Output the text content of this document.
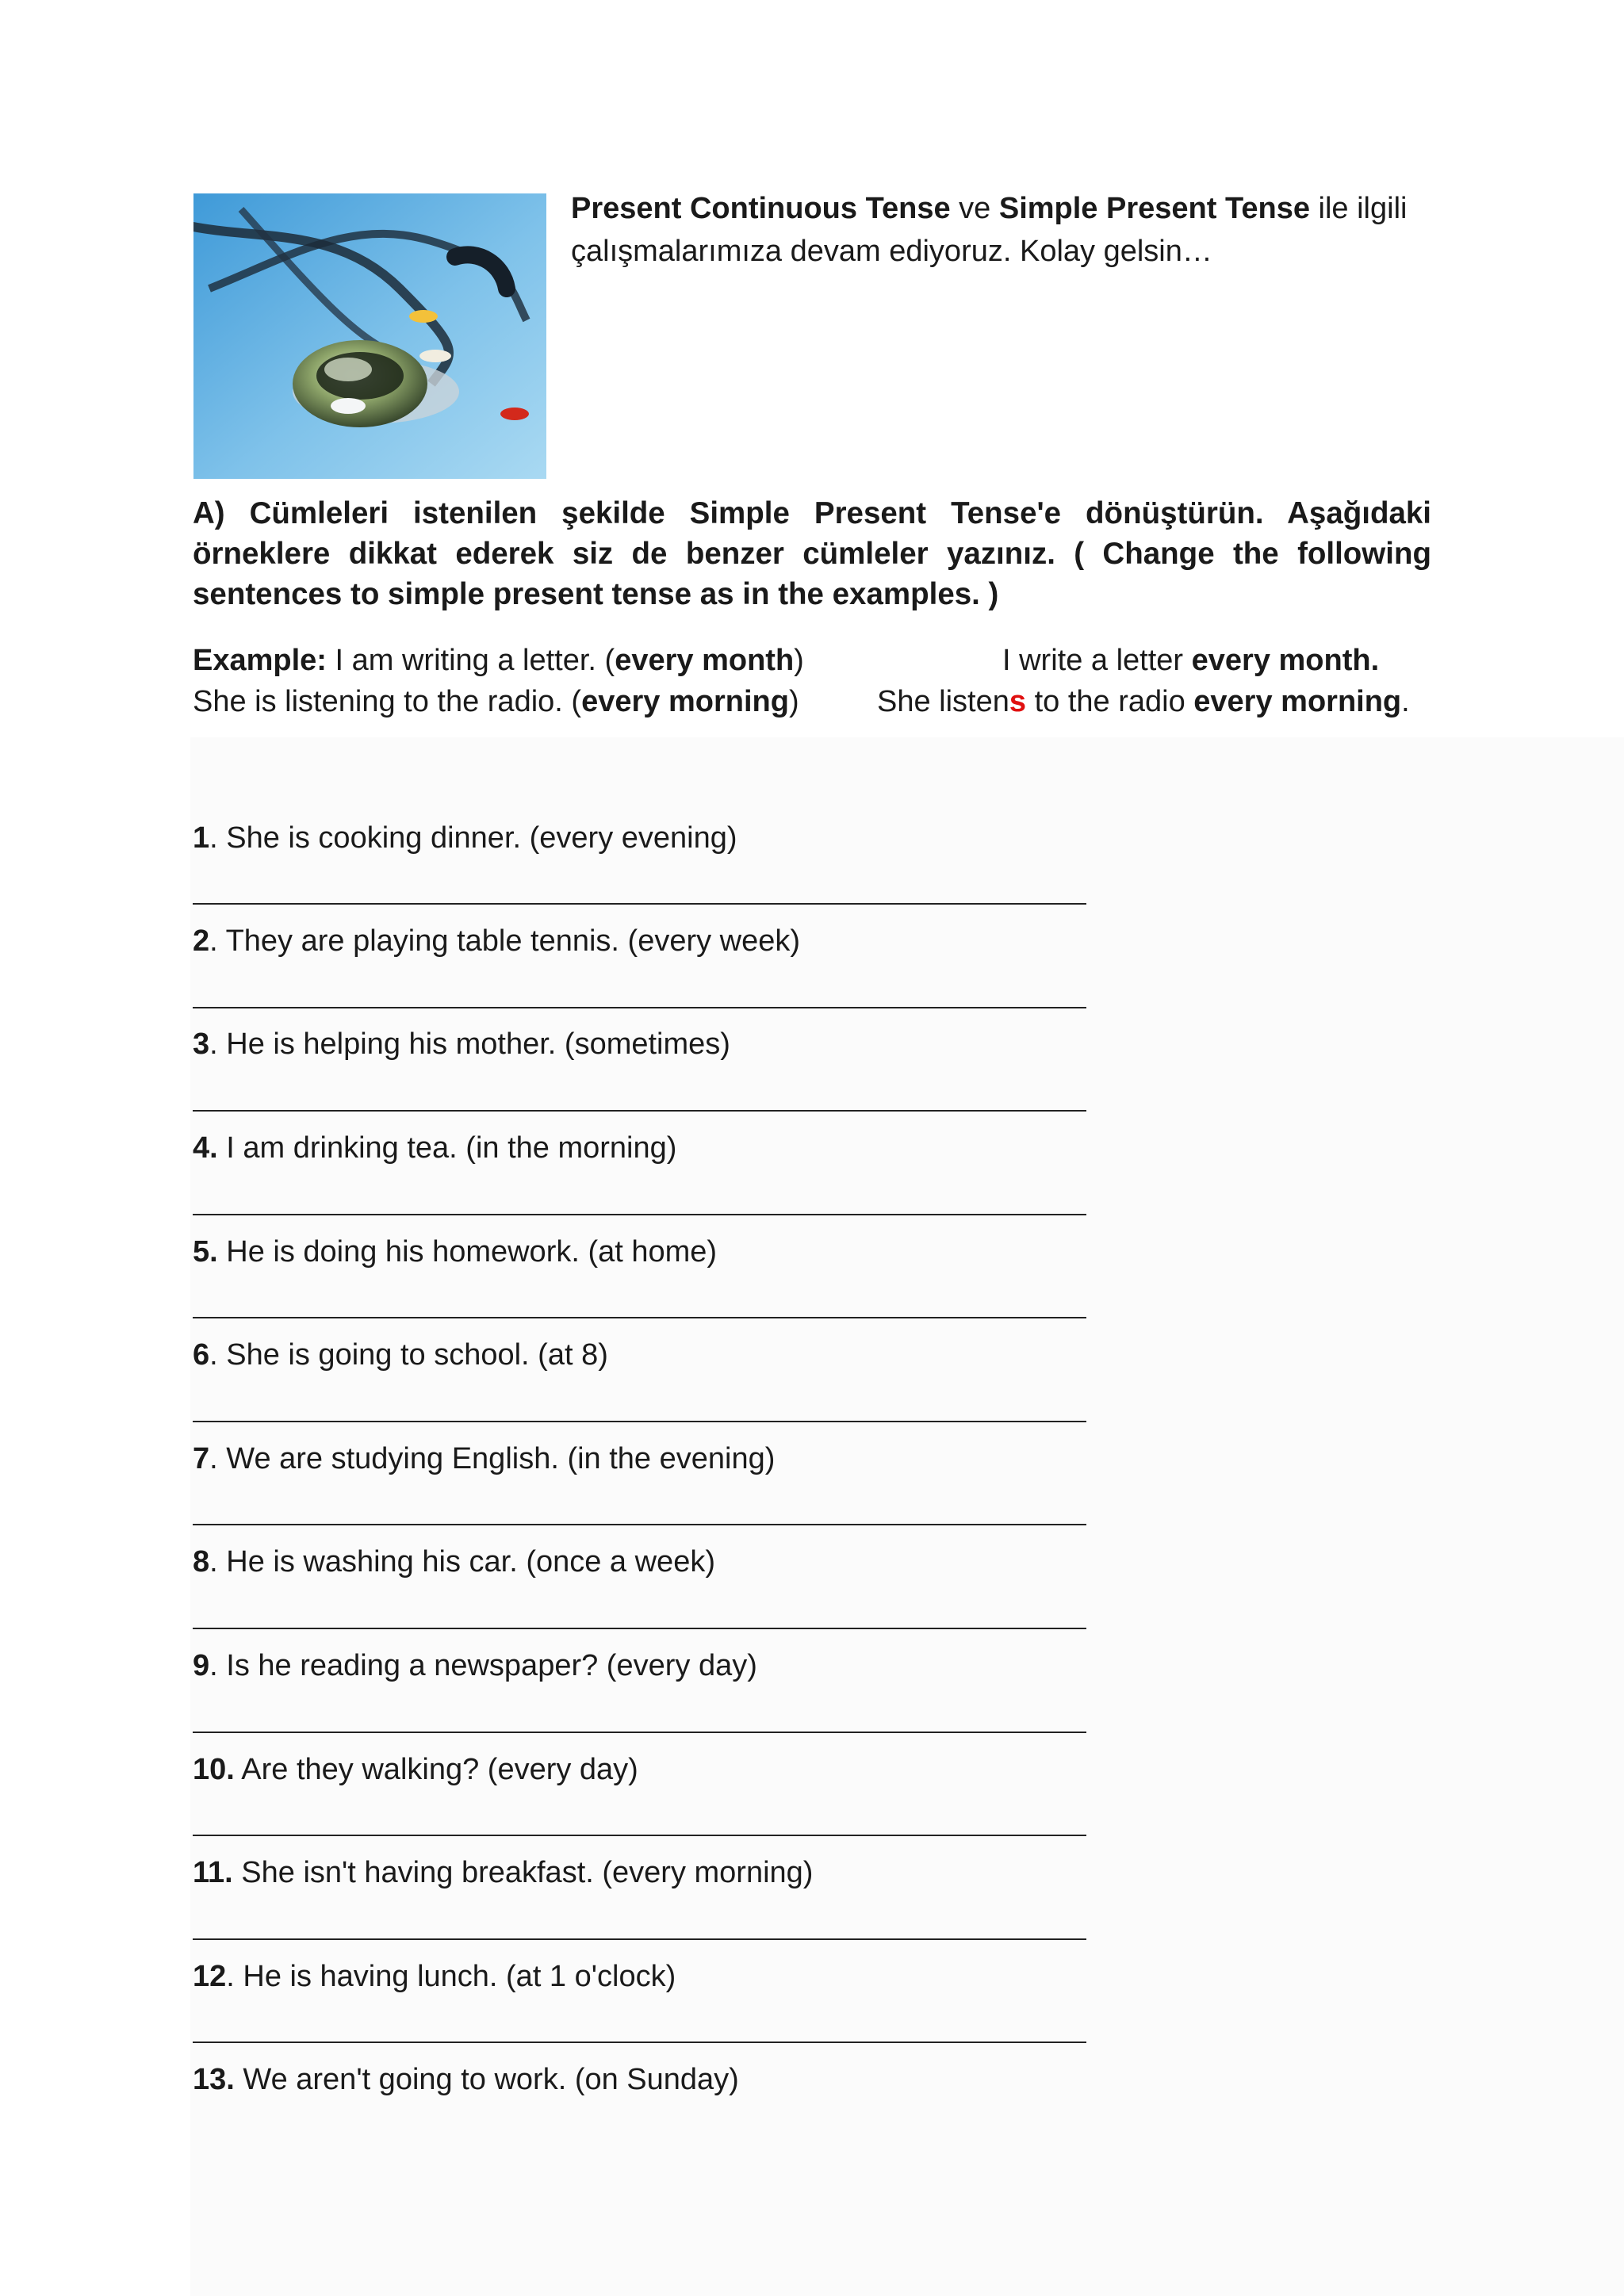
Present Continuous Tense ve Simple Present Tense ile ilgili çalışmalarımıza devam ediyoruz. Kolay gelsin…
A) Cümleleri istenilen şekilde Simple Present Tense'e dönüştürün. Aşağıdaki örneklere dikkat ederek siz de benzer cümleler yazınız. ( Change the following sentences to simple present tense as in the examples. )
Example: I am writing a letter. (every month)	I write a letter every month.
She is listening to the radio. (every morning)	She listens to the radio every morning.
1. She is cooking dinner. (every evening)
2. They are playing table tennis. (every week)
3. He is helping his mother. (sometimes)
4. I am drinking tea. (in the morning)
5. He is doing his homework. (at home)
6. She is going to school. (at 8)
7. We are studying English. (in the evening)
8. He is washing his car. (once a week)
9. Is he reading a newspaper? (every day)
10. Are they walking? (every day)
11. She isn't having breakfast. (every morning)
12. He is having lunch. (at 1 o'clock)
13. We aren't going to work. (on Sunday)
